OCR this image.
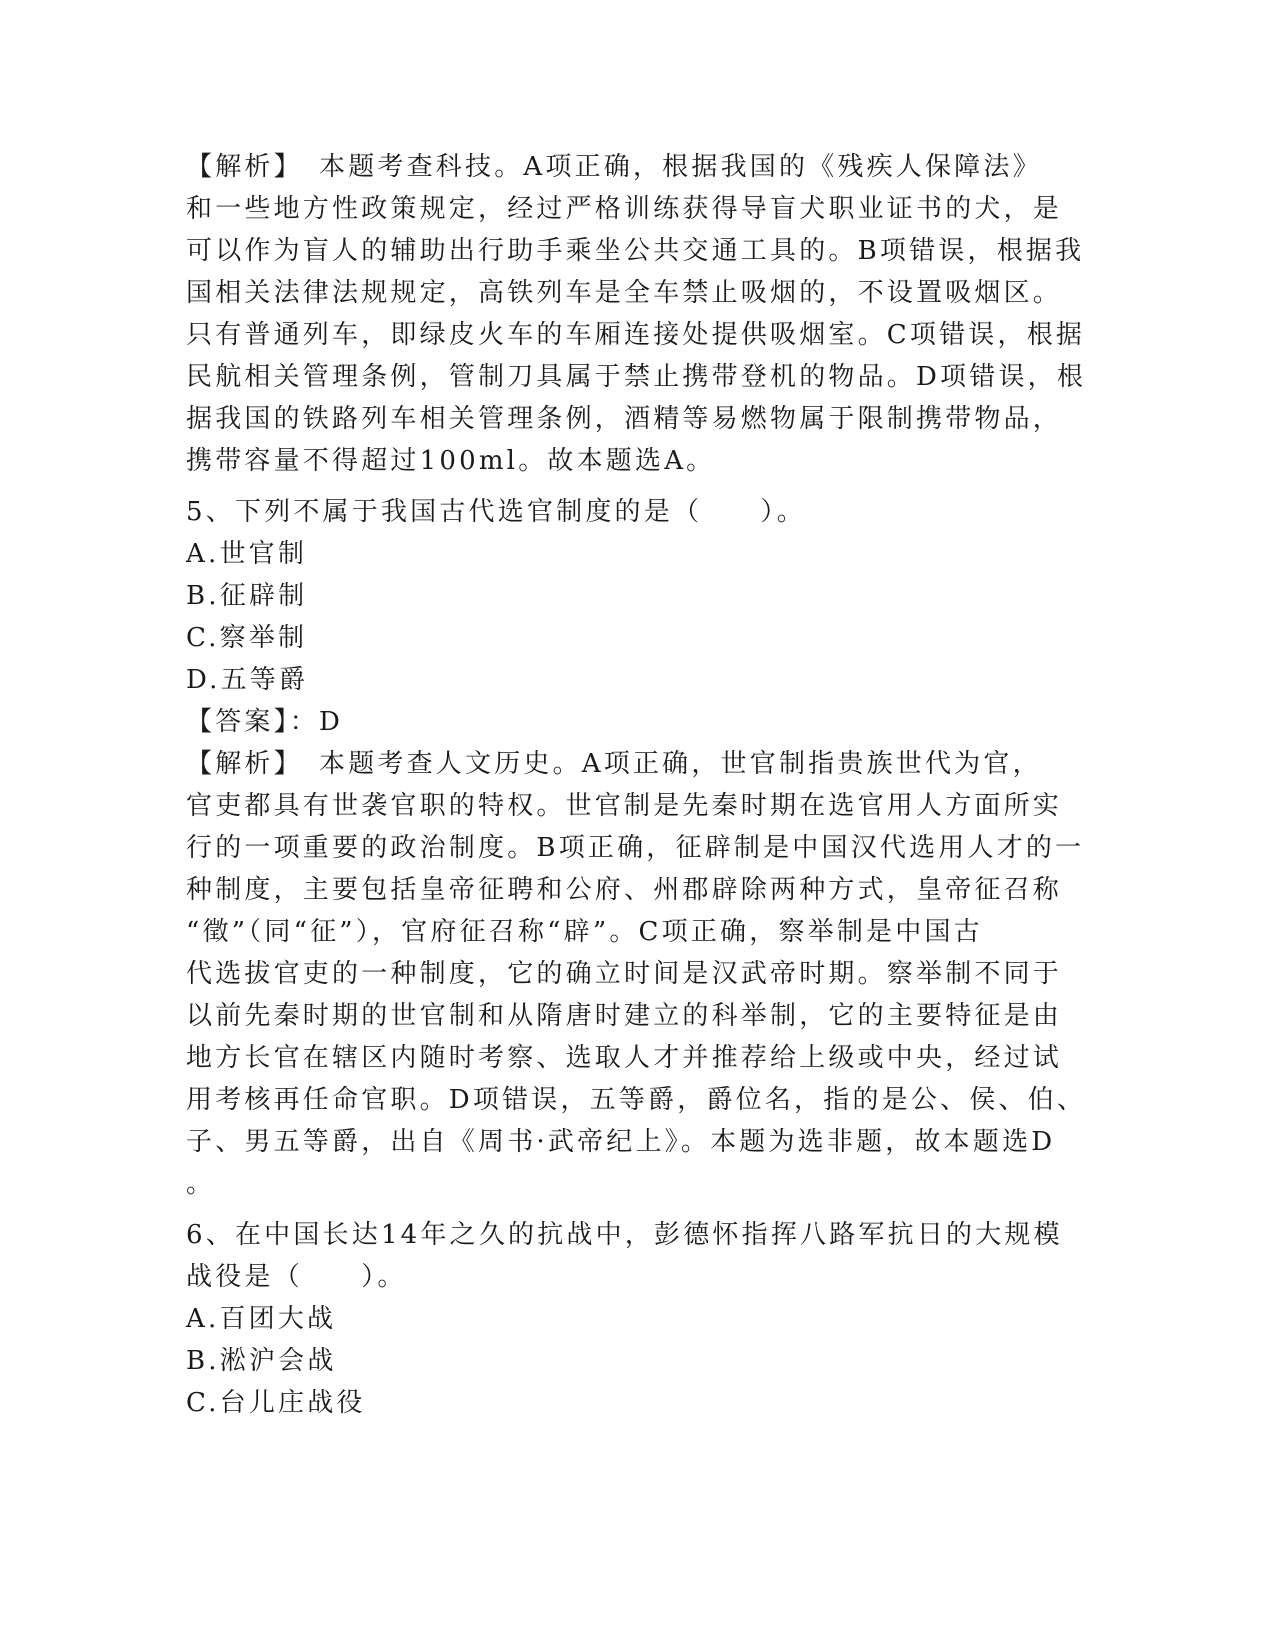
【解析】　本题考查科技。A项正确，根据我国的《残疾人保障法》
和一些地方性政策规定，经过严格训练获得导盲犬职业证书的犬，是
可以作为盲人的辅助出行助手乘坐公共交通工具的。B项错误，根据我
国相关法律法规规定，高铁列车是全车禁止吸烟的，不设置吸烟区。
只有普通列车，即绿皮火车的车厢连接处提供吸烟室。C项错误，根据
民航相关管理条例，管制刀具属于禁止携带登机的物品。D项错误，根
据我国的铁路列车相关管理条例，酒精等易燃物属于限制携带物品，
携带容量不得超过100ml。故本题选A。
5、下列不属于我国古代选官制度的是（　　）。
A.世官制
B.征辟制
C.察举制
D.五等爵
【答案】：D
【解析】　本题考查人文历史。A项正确，世官制指贵族世代为官，
官吏都具有世袭官职的特权。世官制是先秦时期在选官用人方面所实
行的一项重要的政治制度。B项正确，征辟制是中国汉代选用人才的一
种制度，主要包括皇帝征聘和公府、州郡辟除两种方式，皇帝征召称
“徵”（同“征”），官府征召称“辟”。C项正确，察举制是中国古
代选拔官吏的一种制度，它的确立时间是汉武帝时期。察举制不同于
以前先秦时期的世官制和从隋唐时建立的科举制，它的主要特征是由
地方长官在辖区内随时考察、选取人才并推荐给上级或中央，经过试
用考核再任命官职。D项错误，五等爵，爵位名，指的是公、侯、伯、
子、男五等爵，出自《周书·武帝纪上》。本题为选非题，故本题选D
。
6、在中国长达14年之久的抗战中，彭德怀指挥八路军抗日的大规模
战役是（　　）。
A.百团大战
B.淞沪会战
C.台儿庄战役
